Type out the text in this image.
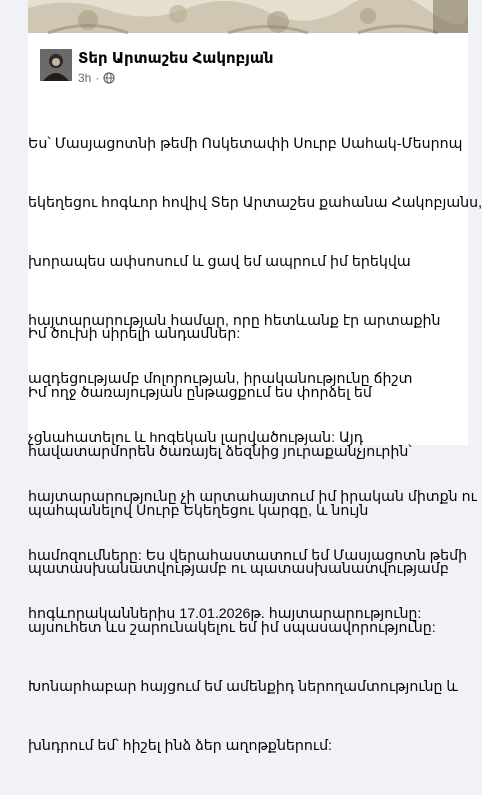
Տեր Արտաշես Հակոբյան
3h ·

Ես՝ Մասյացոտնի թեմի Ոսկետափի Սուրբ Սահակ-Մեսրոպ

եկեղեցու հոգևոր հովիվ Տեր Արտաշես քահանա Հակոբյանս,

խորապես ափսոսում և ցավ եմ ապրում իմ երեկվա

հայտարարության համար, որը հետևանք էր արտաքին

ազդեցությամբ մոլորության, իրականությունը ճիշտ

չցնահատելու և hոգեկան լարվածության: Այդ

հայտարարությունը չի արտահայտում իմ իրական միտքն ու

համոզումները: Ես վերահաստատում եմ Մասյացոտն թեմի

հոգևորականներիս 17.01.2026թ. հայտարարությունը:

Իմ ծուխի սիրելի անդամներ:

Իմ ողջ ծառայության ընթացքում ես փորձել եմ

հավատարմորեն ծառայել ձեզնից յուրաքանչյուրին՝

պահպանելով Սուրբ Եկեղեցու կարգը, և նույն

պատասխանատվությամբ ու պատասխանատվությամբ

այսուհետ ևս շարունակելու եմ իմ սպասավորությունը:

Խոնարհաբար հայցում եմ ամենքիդ ներողամտությունը և

խնդրում եմ՝ հիշել ինձ ձեր աղոթքներում:
